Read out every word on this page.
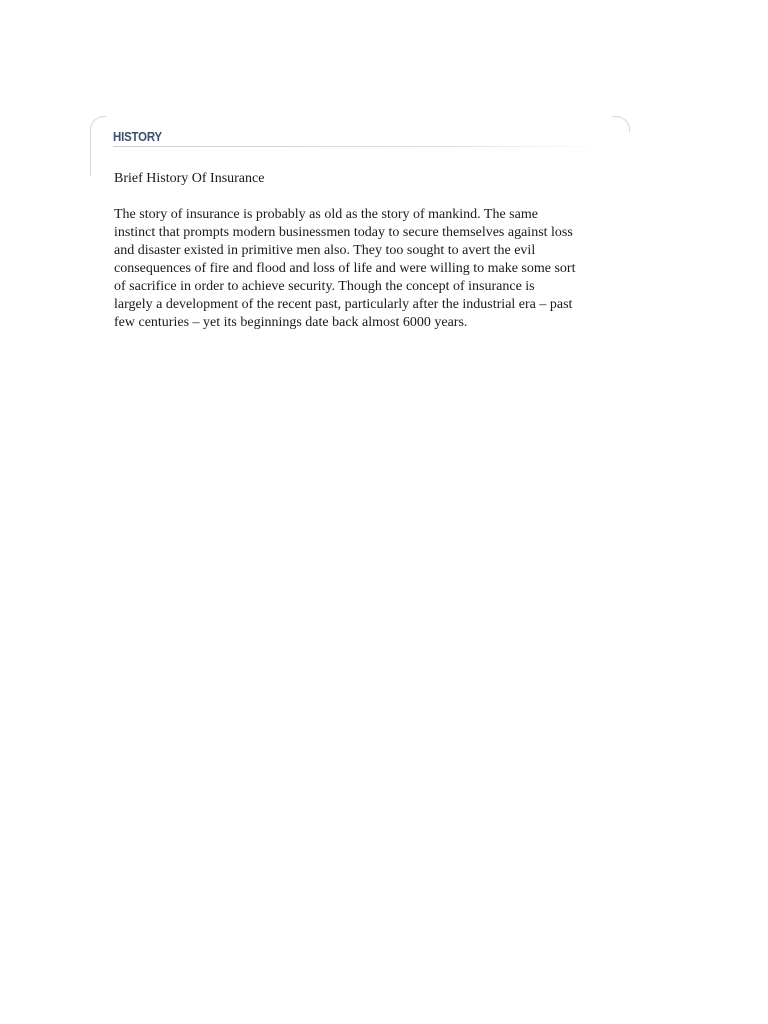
HISTORY
Brief History Of Insurance

The story of insurance is probably as old as the story of mankind. The same
instinct that prompts modern businessmen today to secure themselves against loss
and disaster existed in primitive men also. They too sought to avert the evil
consequences of fire and flood and loss of life and were willing to make some sort
of sacrifice in order to achieve security. Though the concept of insurance is
largely a development of the recent past, particularly after the industrial era – past
few centuries – yet its beginnings date back almost 6000 years.
